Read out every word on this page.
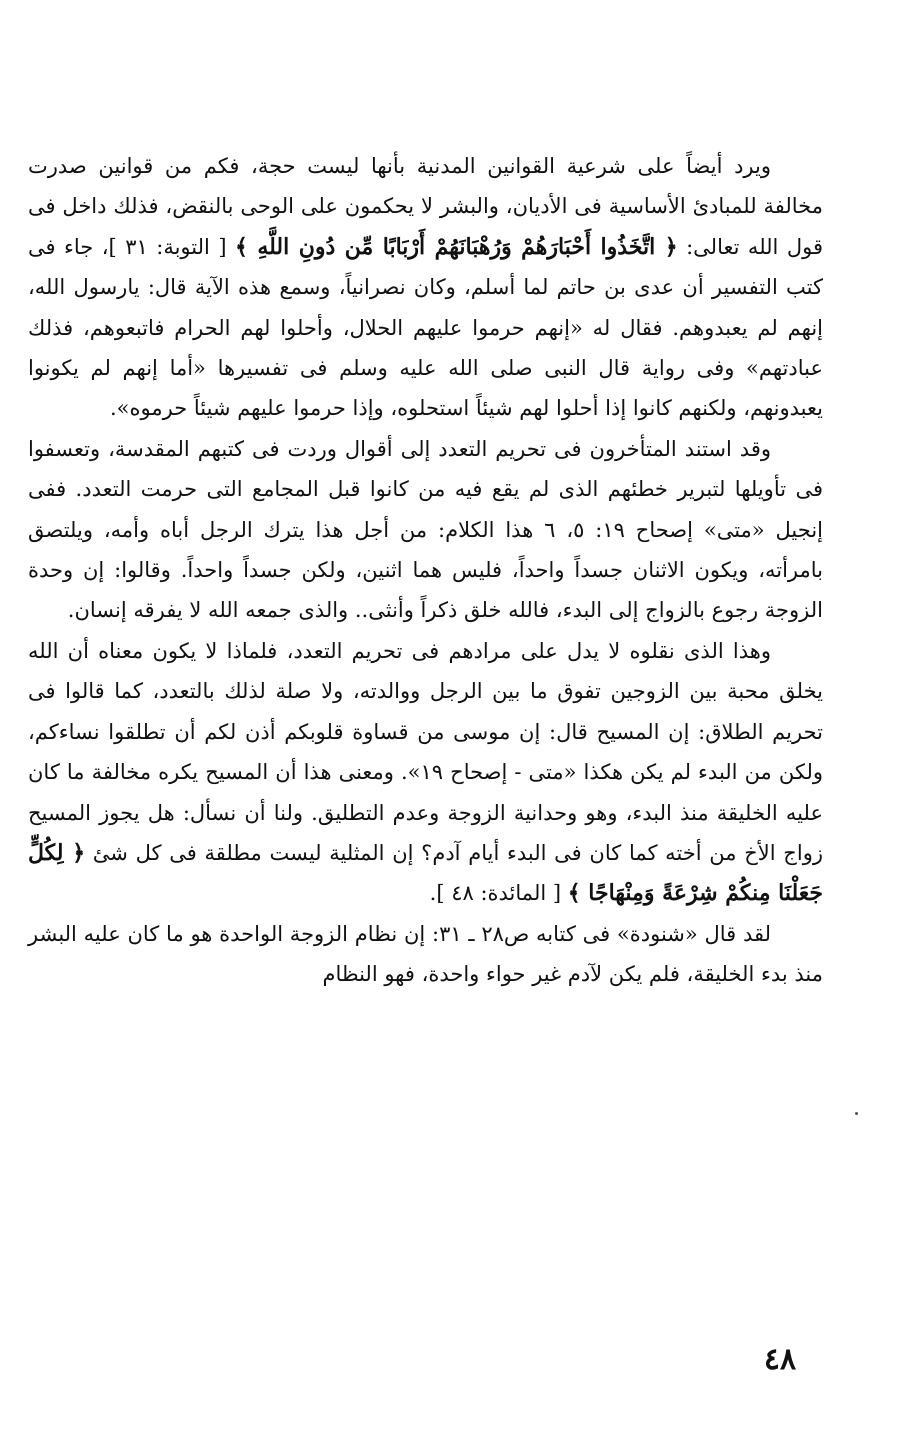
ويرد أيضاً على شرعية القوانين المدنية بأنها ليست حجة، فكم من قوانين صدرت مخالفة للمبادئ الأساسية فى الأديان، والبشر لا يحكمون على الوحى بالنقض، فذلك داخل فى قول الله تعالى: ﴿ اتَّخَذُوا أَحْبَارَهُمْ وَرُهْبَانَهُمْ أَرْبَابًا مِّن دُونِ اللَّهِ ﴾ [ التوبة: ٣١ ]، جاء فى كتب التفسير أن عدى بن حاتم لما أسلم، وكان نصرانياً، وسمع هذه الآية قال: يارسول الله، إنهم لم يعبدوهم. فقال له «إنهم حرموا عليهم الحلال، وأحلوا لهم الحرام فاتبعوهم، فذلك عبادتهم» وفى رواية قال النبى صلى الله عليه وسلم فى تفسيرها «أما إنهم لم يكونوا يعبدونهم، ولكنهم كانوا إذا أحلوا لهم شيئاً استحلوه، وإذا حرموا عليهم شيئاً حرموه».

وقد استند المتأخرون فى تحريم التعدد إلى أقوال وردت فى كتبهم المقدسة، وتعسفوا فى تأويلها لتبرير خطئهم الذى لم يقع فيه من كانوا قبل المجامع التى حرمت التعدد. ففى إنجيل «متى» إصحاح ١٩: ٥، ٦ هذا الكلام: من أجل هذا يترك الرجل أباه وأمه، ويلتصق بامرأته، ويكون الاثنان جسداً واحداً، فليس هما اثنين، ولكن جسداً واحداً. وقالوا: إن وحدة الزوجة رجوع بالزواج إلى البدء، فالله خلق ذكراً وأنثى.. والذى جمعه الله لا يفرقه إنسان.

وهذا الذى نقلوه لا يدل على مرادهم فى تحريم التعدد، فلماذا لا يكون معناه أن الله يخلق محبة بين الزوجين تفوق ما بين الرجل ووالدته، ولا صلة لذلك بالتعدد، كما قالوا فى تحريم الطلاق: إن المسيح قال: إن موسى من قساوة قلوبكم أذن لكم أن تطلقوا نساءكم، ولكن من البدء لم يكن هكذا «متى - إصحاح ١٩». ومعنى هذا أن المسيح يكره مخالفة ما كان عليه الخليقة منذ البدء، وهو وحدانية الزوجة وعدم التطليق. ولنا أن نسأل: هل يجوز المسيح زواج الأخ من أخته كما كان فى البدء أيام آدم؟ إن المثلية ليست مطلقة فى كل شئ ﴿ لِكُلٍّ جَعَلْنَا مِنكُمْ شِرْعَةً وَمِنْهَاجًا ﴾ [ المائدة: ٤٨ ].

لقد قال «شنودة» فى كتابه ص٢٨ ـ ٣١: إن نظام الزوجة الواحدة هو ما كان عليه البشر منذ بدء الخليقة، فلم يكن لآدم غير حواء واحدة، فهو النظام

٤٨
